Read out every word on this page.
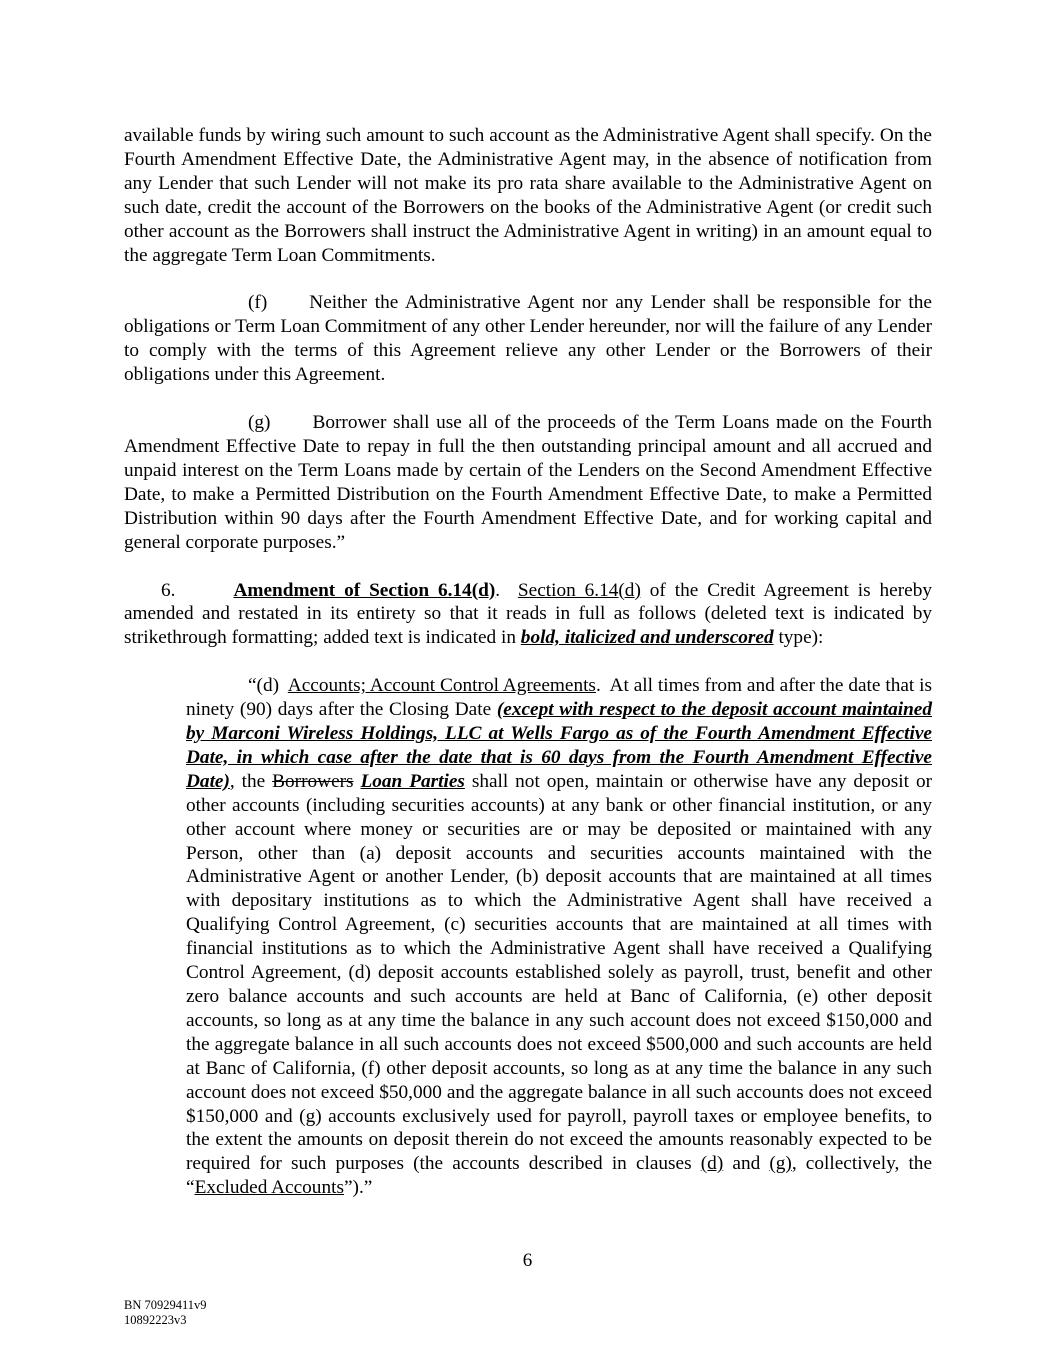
available funds by wiring such amount to such account as the Administrative Agent shall specify. On the Fourth Amendment Effective Date, the Administrative Agent may, in the absence of notification from any Lender that such Lender will not make its pro rata share available to the Administrative Agent on such date, credit the account of the Borrowers on the books of the Administrative Agent (or credit such other account as the Borrowers shall instruct the Administrative Agent in writing) in an amount equal to the aggregate Term Loan Commitments.

(f) Neither the Administrative Agent nor any Lender shall be responsible for the obligations or Term Loan Commitment of any other Lender hereunder, nor will the failure of any Lender to comply with the terms of this Agreement relieve any other Lender or the Borrowers of their obligations under this Agreement.

(g) Borrower shall use all of the proceeds of the Term Loans made on the Fourth Amendment Effective Date to repay in full the then outstanding principal amount and all accrued and unpaid interest on the Term Loans made by certain of the Lenders on the Second Amendment Effective Date, to make a Permitted Distribution on the Fourth Amendment Effective Date, to make a Permitted Distribution within 90 days after the Fourth Amendment Effective Date, and for working capital and general corporate purposes.”

6.	Amendment of Section 6.14(d).  Section 6.14(d) of the Credit Agreement is hereby amended and restated in its entirety so that it reads in full as follows (deleted text is indicated by strikethrough formatting; added text is indicated in bold, italicized and underscored type):

“(d) Accounts; Account Control Agreements.  At all times from and after the date that is ninety (90) days after the Closing Date (except with respect to the deposit account maintained by Marconi Wireless Holdings, LLC at Wells Fargo as of the Fourth Amendment Effective Date, in which case after the date that is 60 days from the Fourth Amendment Effective Date), the Borrowers Loan Parties shall not open, maintain or otherwise have any deposit or other accounts (including securities accounts) at any bank or other financial institution, or any other account where money or securities are or may be deposited or maintained with any Person, other than (a) deposit accounts and securities accounts maintained with the Administrative Agent or another Lender, (b) deposit accounts that are maintained at all times with depositary institutions as to which the Administrative Agent shall have received a Qualifying Control Agreement, (c) securities accounts that are maintained at all times with financial institutions as to which the Administrative Agent shall have received a Qualifying Control Agreement, (d) deposit accounts established solely as payroll, trust, benefit and other zero balance accounts and such accounts are held at Banc of California, (e) other deposit accounts, so long as at any time the balance in any such account does not exceed $150,000 and the aggregate balance in all such accounts does not exceed $500,000 and such accounts are held at Banc of California, (f) other deposit accounts, so long as at any time the balance in any such account does not exceed $50,000 and the aggregate balance in all such accounts does not exceed $150,000 and (g) accounts exclusively used for payroll, payroll taxes or employee benefits, to the extent the amounts on deposit therein do not exceed the amounts reasonably expected to be required for such purposes (the accounts described in clauses (d) and (g), collectively, the “Excluded Accounts”).”

6
BN 70929411v9
10892223v3
